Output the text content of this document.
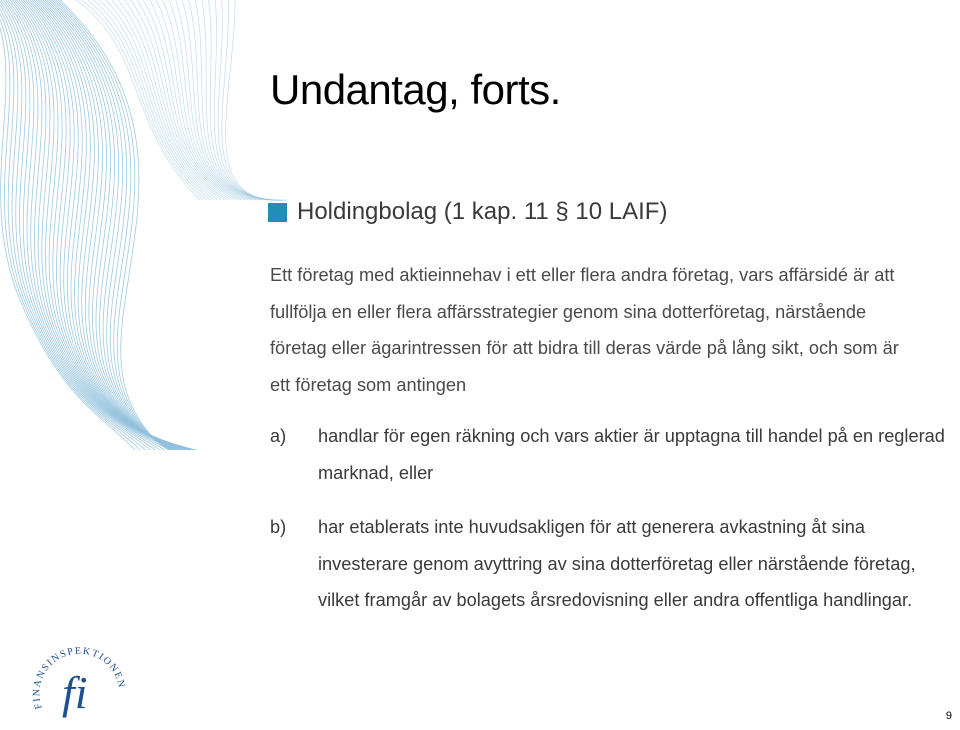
Undantag, forts.
Holdingbolag (1 kap. 11 § 10 LAIF)

Ett företag med aktieinnehav i ett eller flera andra företag, vars affärsidé är att fullfölja en eller flera affärsstrategier genom sina dotterföretag, närstående företag eller ägarintressen för att bidra till deras värde på lång sikt, och som är ett företag som antingen

a)	handlar för egen räkning och vars aktier är upptagna till handel på en reglerad marknad, eller
b)	har etablerats inte huvudsakligen för att generera avkastning åt sina investerare genom avyttring av sina dotterföretag eller närstående företag, vilket framgår av bolagets årsredovisning eller andra offentliga handlingar.
FINANSINSPEKTIONEN
fi	9
